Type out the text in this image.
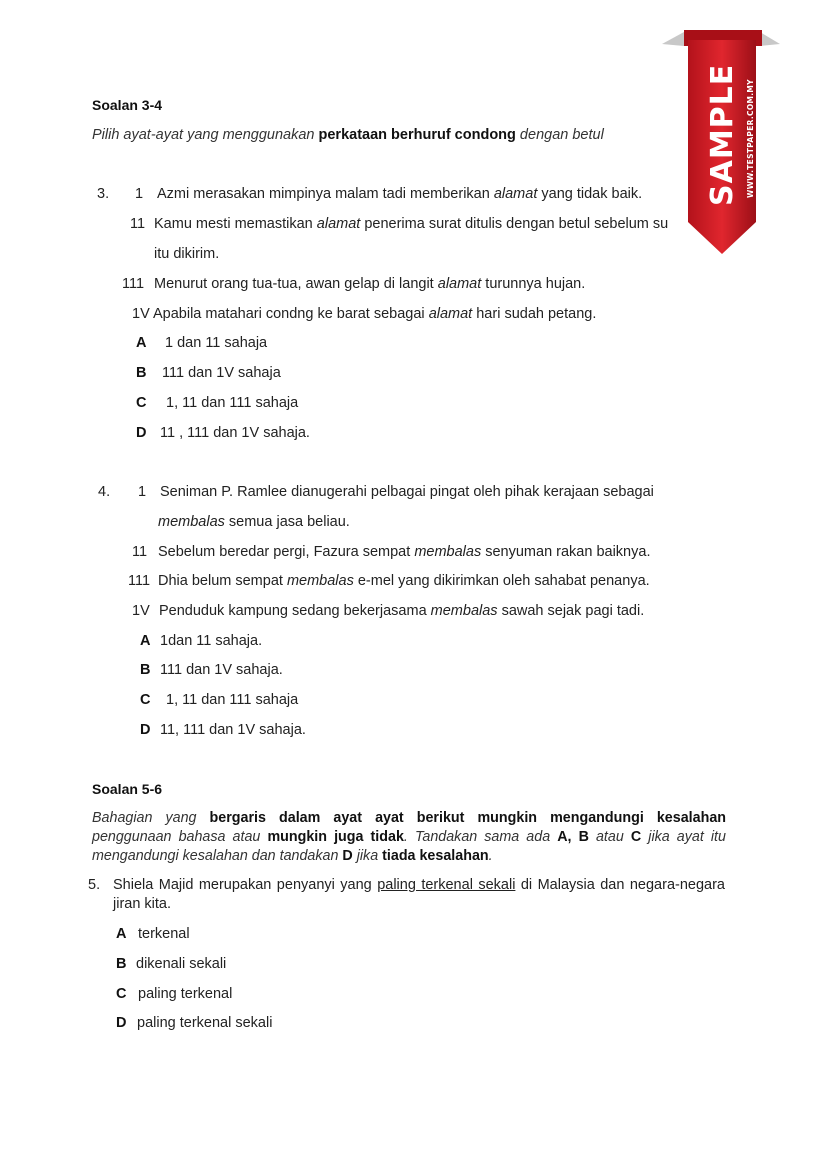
SAMPLE WWW.TESTPAPER.COM.MY
Soalan 3-4
Pilih ayat-ayat yang menggunakan perkataan berhuruf condong dengan betul
3. 1 Azmi merasakan mimpinya malam tadi memberikan alamat yang tidak baik.
11 Kamu mesti memastikan alamat penerima surat ditulis dengan betul sebelum su
itu dikirim.
111 Menurut orang tua-tua, awan gelap di langit alamat turunnya hujan.
1V Apabila matahari condng ke barat sebagai alamat hari sudah petang.
A 1 dan 11 sahaja
B 111 dan 1V sahaja
C 1, 11 dan 111 sahaja
D 11 , 111 dan 1V sahaja.
4. 1 Seniman P. Ramlee dianugerahi pelbagai pingat oleh pihak kerajaan sebagai
membalas semua jasa beliau.
11 Sebelum beredar pergi, Fazura sempat membalas senyuman rakan baiknya.
111 Dhia belum sempat membalas e-mel yang dikirimkan oleh sahabat penanya.
1V Penduduk kampung sedang bekerjasama membalas sawah sejak pagi tadi.
A 1dan 11 sahaja.
B 111 dan 1V sahaja.
C 1, 11 dan 111 sahaja
D 11, 111 dan 1V sahaja.
Soalan 5-6
Bahagian yang bergaris dalam ayat ayat berikut mungkin mengandungi kesalahan penggunaan bahasa atau mungkin juga tidak. Tandakan sama ada A, B atau C jika ayat itu mengandungi kesalahan dan tandakan D jika tiada kesalahan.
5. Shiela Majid merupakan penyanyi yang paling terkenal sekali di Malaysia dan negara-negara jiran kita.
A terkenal
B dikenali sekali
C paling terkenal
D paling terkenal sekali
